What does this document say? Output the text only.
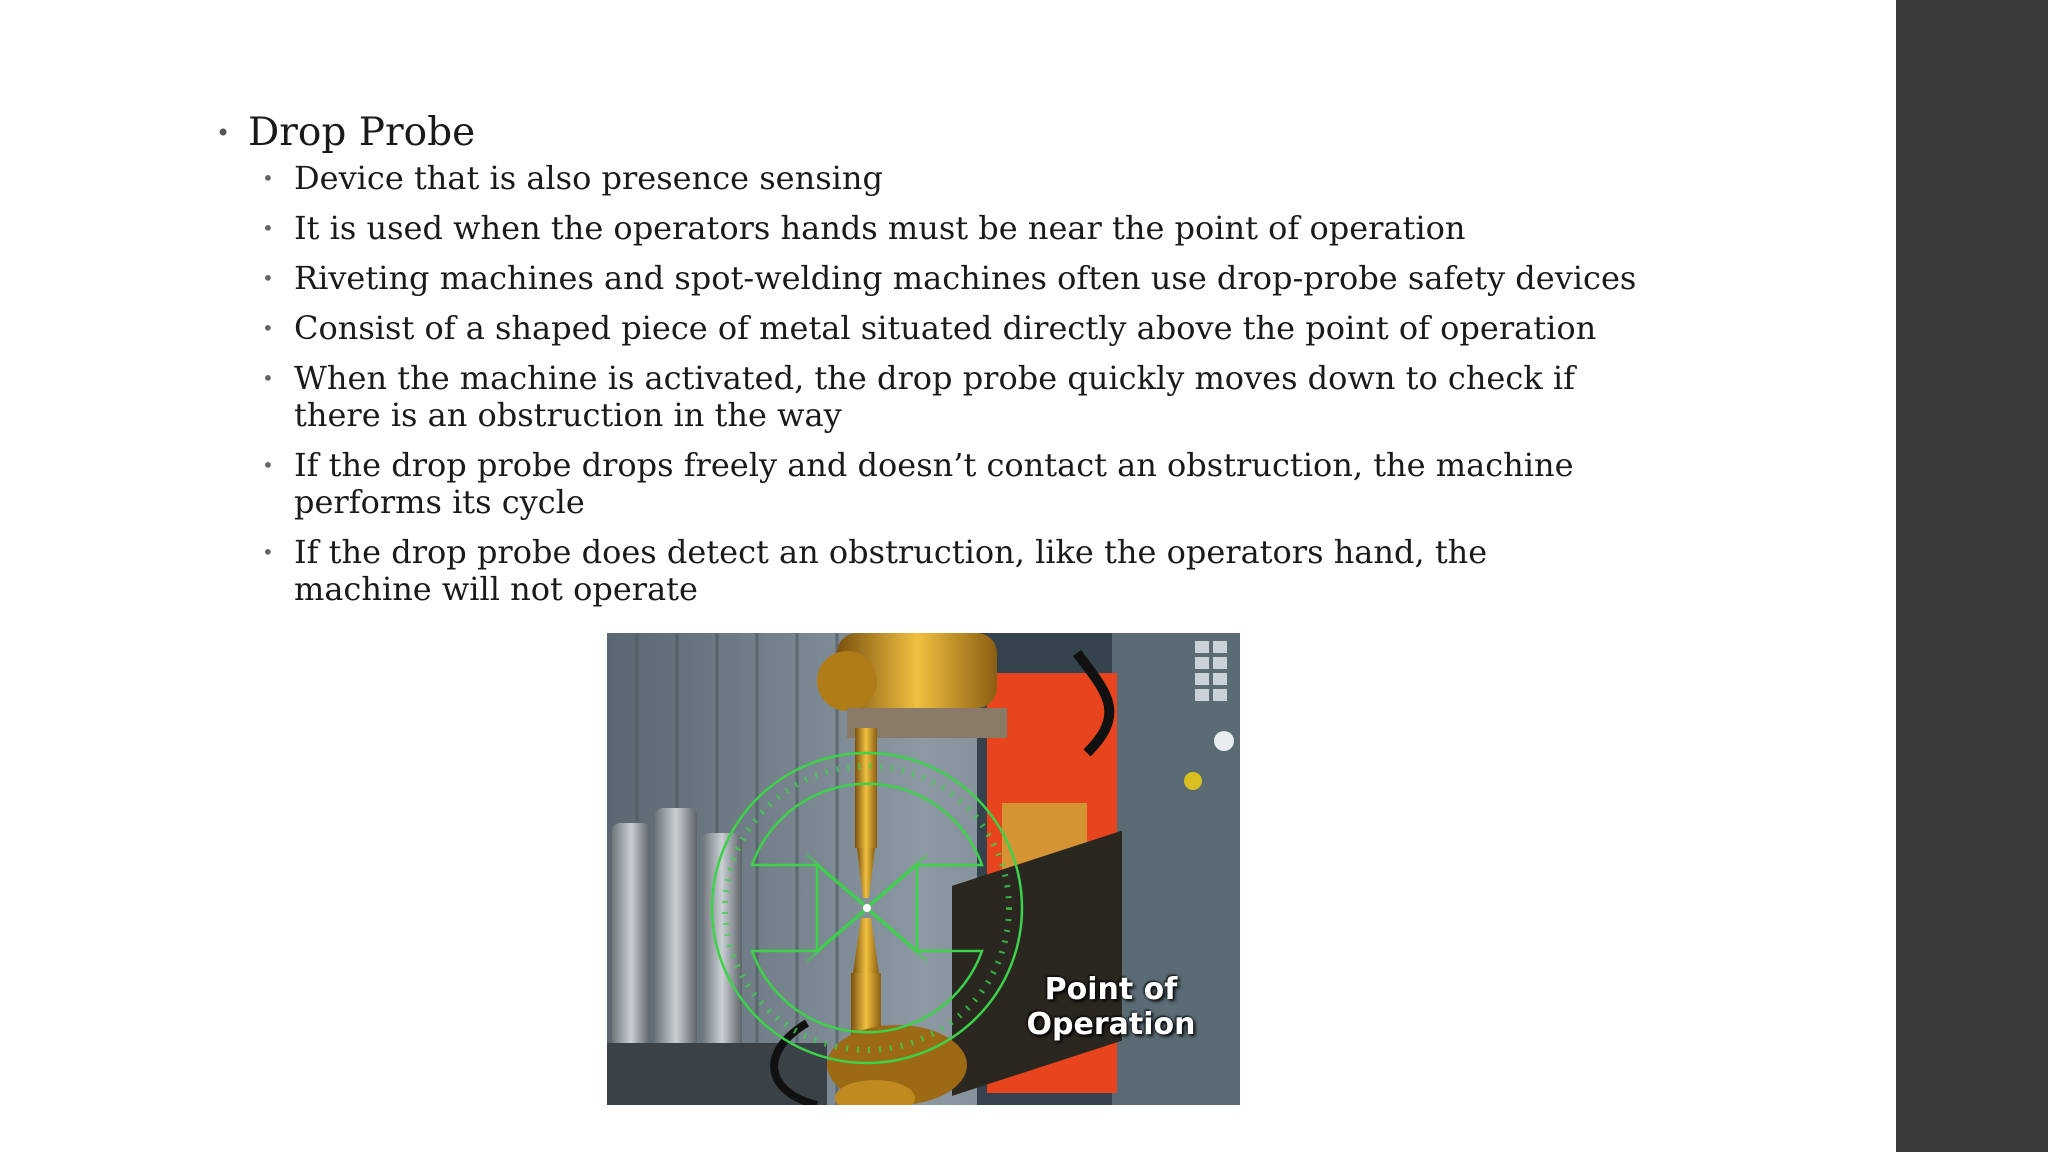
• Drop Probe
• Device that is also presence sensing
• It is used when the operators hands must be near the point of operation
• Riveting machines and spot-welding machines often use drop-probe safety devices
• Consist of a shaped piece of metal situated directly above the point of operation
• When the machine is activated, the drop probe quickly moves down to check if there is an obstruction in the way
• If the drop probe drops freely and doesn’t contact an obstruction, the machine performs its cycle
• If the drop probe does detect an obstruction, like the operators hand, the machine will not operate
Point of
Operation
